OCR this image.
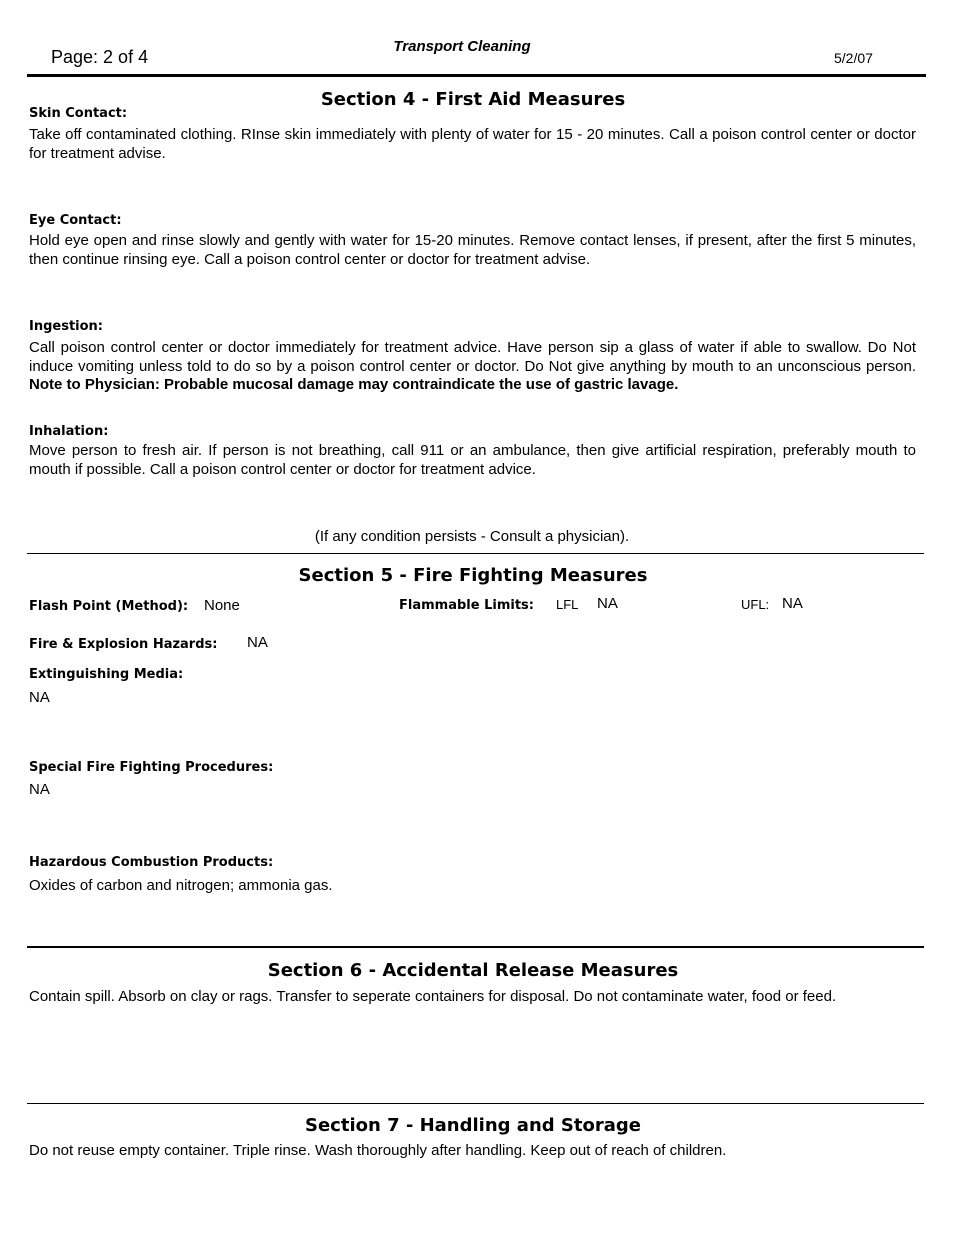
Page: 2 of 4
Transport Cleaning
5/2/07
Section 4 - First Aid Measures
Skin Contact:
Take off contaminated clothing. RInse skin immediately with plenty of water for 15 - 20 minutes. Call a poison control center or doctor for treatment advise.
Eye Contact:
Hold eye open and rinse slowly and gently with water for 15-20 minutes. Remove contact lenses, if present, after the first 5 minutes, then continue rinsing eye. Call a poison control center or doctor for treatment advise.
Ingestion:
Call poison control center or doctor immediately for treatment advice. Have person sip a glass of water if able to swallow. Do Not induce vomiting unless told to do so by a poison control center or doctor. Do Not give anything by mouth to an unconscious person. Note to Physician: Probable mucosal damage may contraindicate the use of gastric lavage.
Inhalation:
Move person to fresh air. If person is not breathing, call 911 or an ambulance, then give artificial respiration, preferably mouth to mouth if possible. Call a poison control center or doctor for treatment advice.
(If any condition persists - Consult a physician).
Section 5 - Fire Fighting Measures
Flash Point (Method): None	Flammable Limits: LFL NA	UFL: NA
Fire & Explosion Hazards: NA
Extinguishing Media:
NA
Special Fire Fighting Procedures:
NA
Hazardous Combustion Products:
Oxides of carbon and nitrogen; ammonia gas.
Section 6 - Accidental Release Measures
Contain spill. Absorb on clay or rags. Transfer to seperate containers for disposal. Do not contaminate water, food or feed.
Section 7 - Handling and Storage
Do not reuse empty container. Triple rinse. Wash thoroughly after handling. Keep out of reach of children.
